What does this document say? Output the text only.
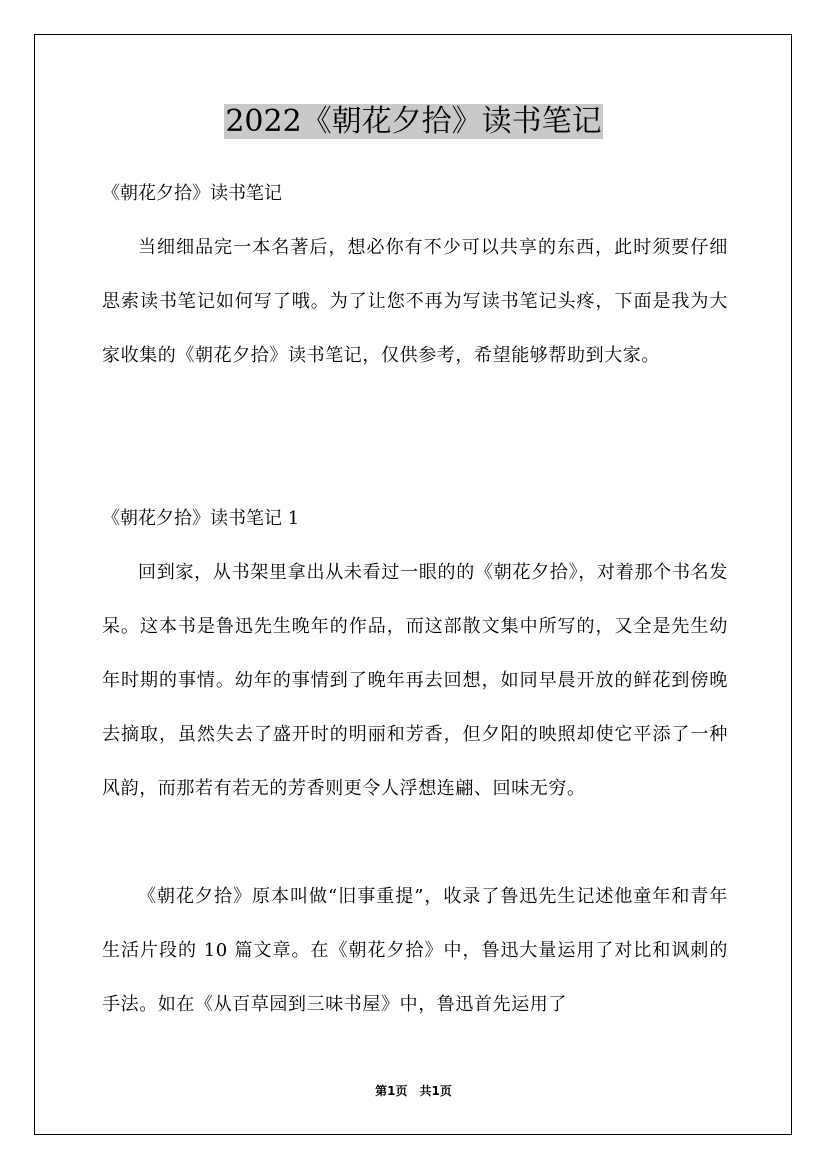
2022《朝花夕拾》读书笔记
《朝花夕拾》读书笔记

当细细品完一本名著后，想必你有不少可以共享的东西，此时须要仔细思索读书笔记如何写了哦。为了让您不再为写读书笔记头疼，下面是我为大家收集的《朝花夕拾》读书笔记，仅供参考，希望能够帮助到大家。

《朝花夕拾》读书笔记 1

回到家，从书架里拿出从未看过一眼的的《朝花夕拾》，对着那个书名发呆。这本书是鲁迅先生晚年的作品，而这部散文集中所写的，又全是先生幼年时期的事情。幼年的事情到了晚年再去回想，如同早晨开放的鲜花到傍晚去摘取，虽然失去了盛开时的明丽和芳香，但夕阳的映照却使它平添了一种风韵，而那若有若无的芳香则更令人浮想连翩、回味无穷。

《朝花夕拾》原本叫做“旧事重提”，收录了鲁迅先生记述他童年和青年生活片段的 10 篇文章。在《朝花夕拾》中，鲁迅大量运用了对比和讽刺的手法。如在《从百草园到三味书屋》中，鲁迅首先运用了

第1页　共1页
